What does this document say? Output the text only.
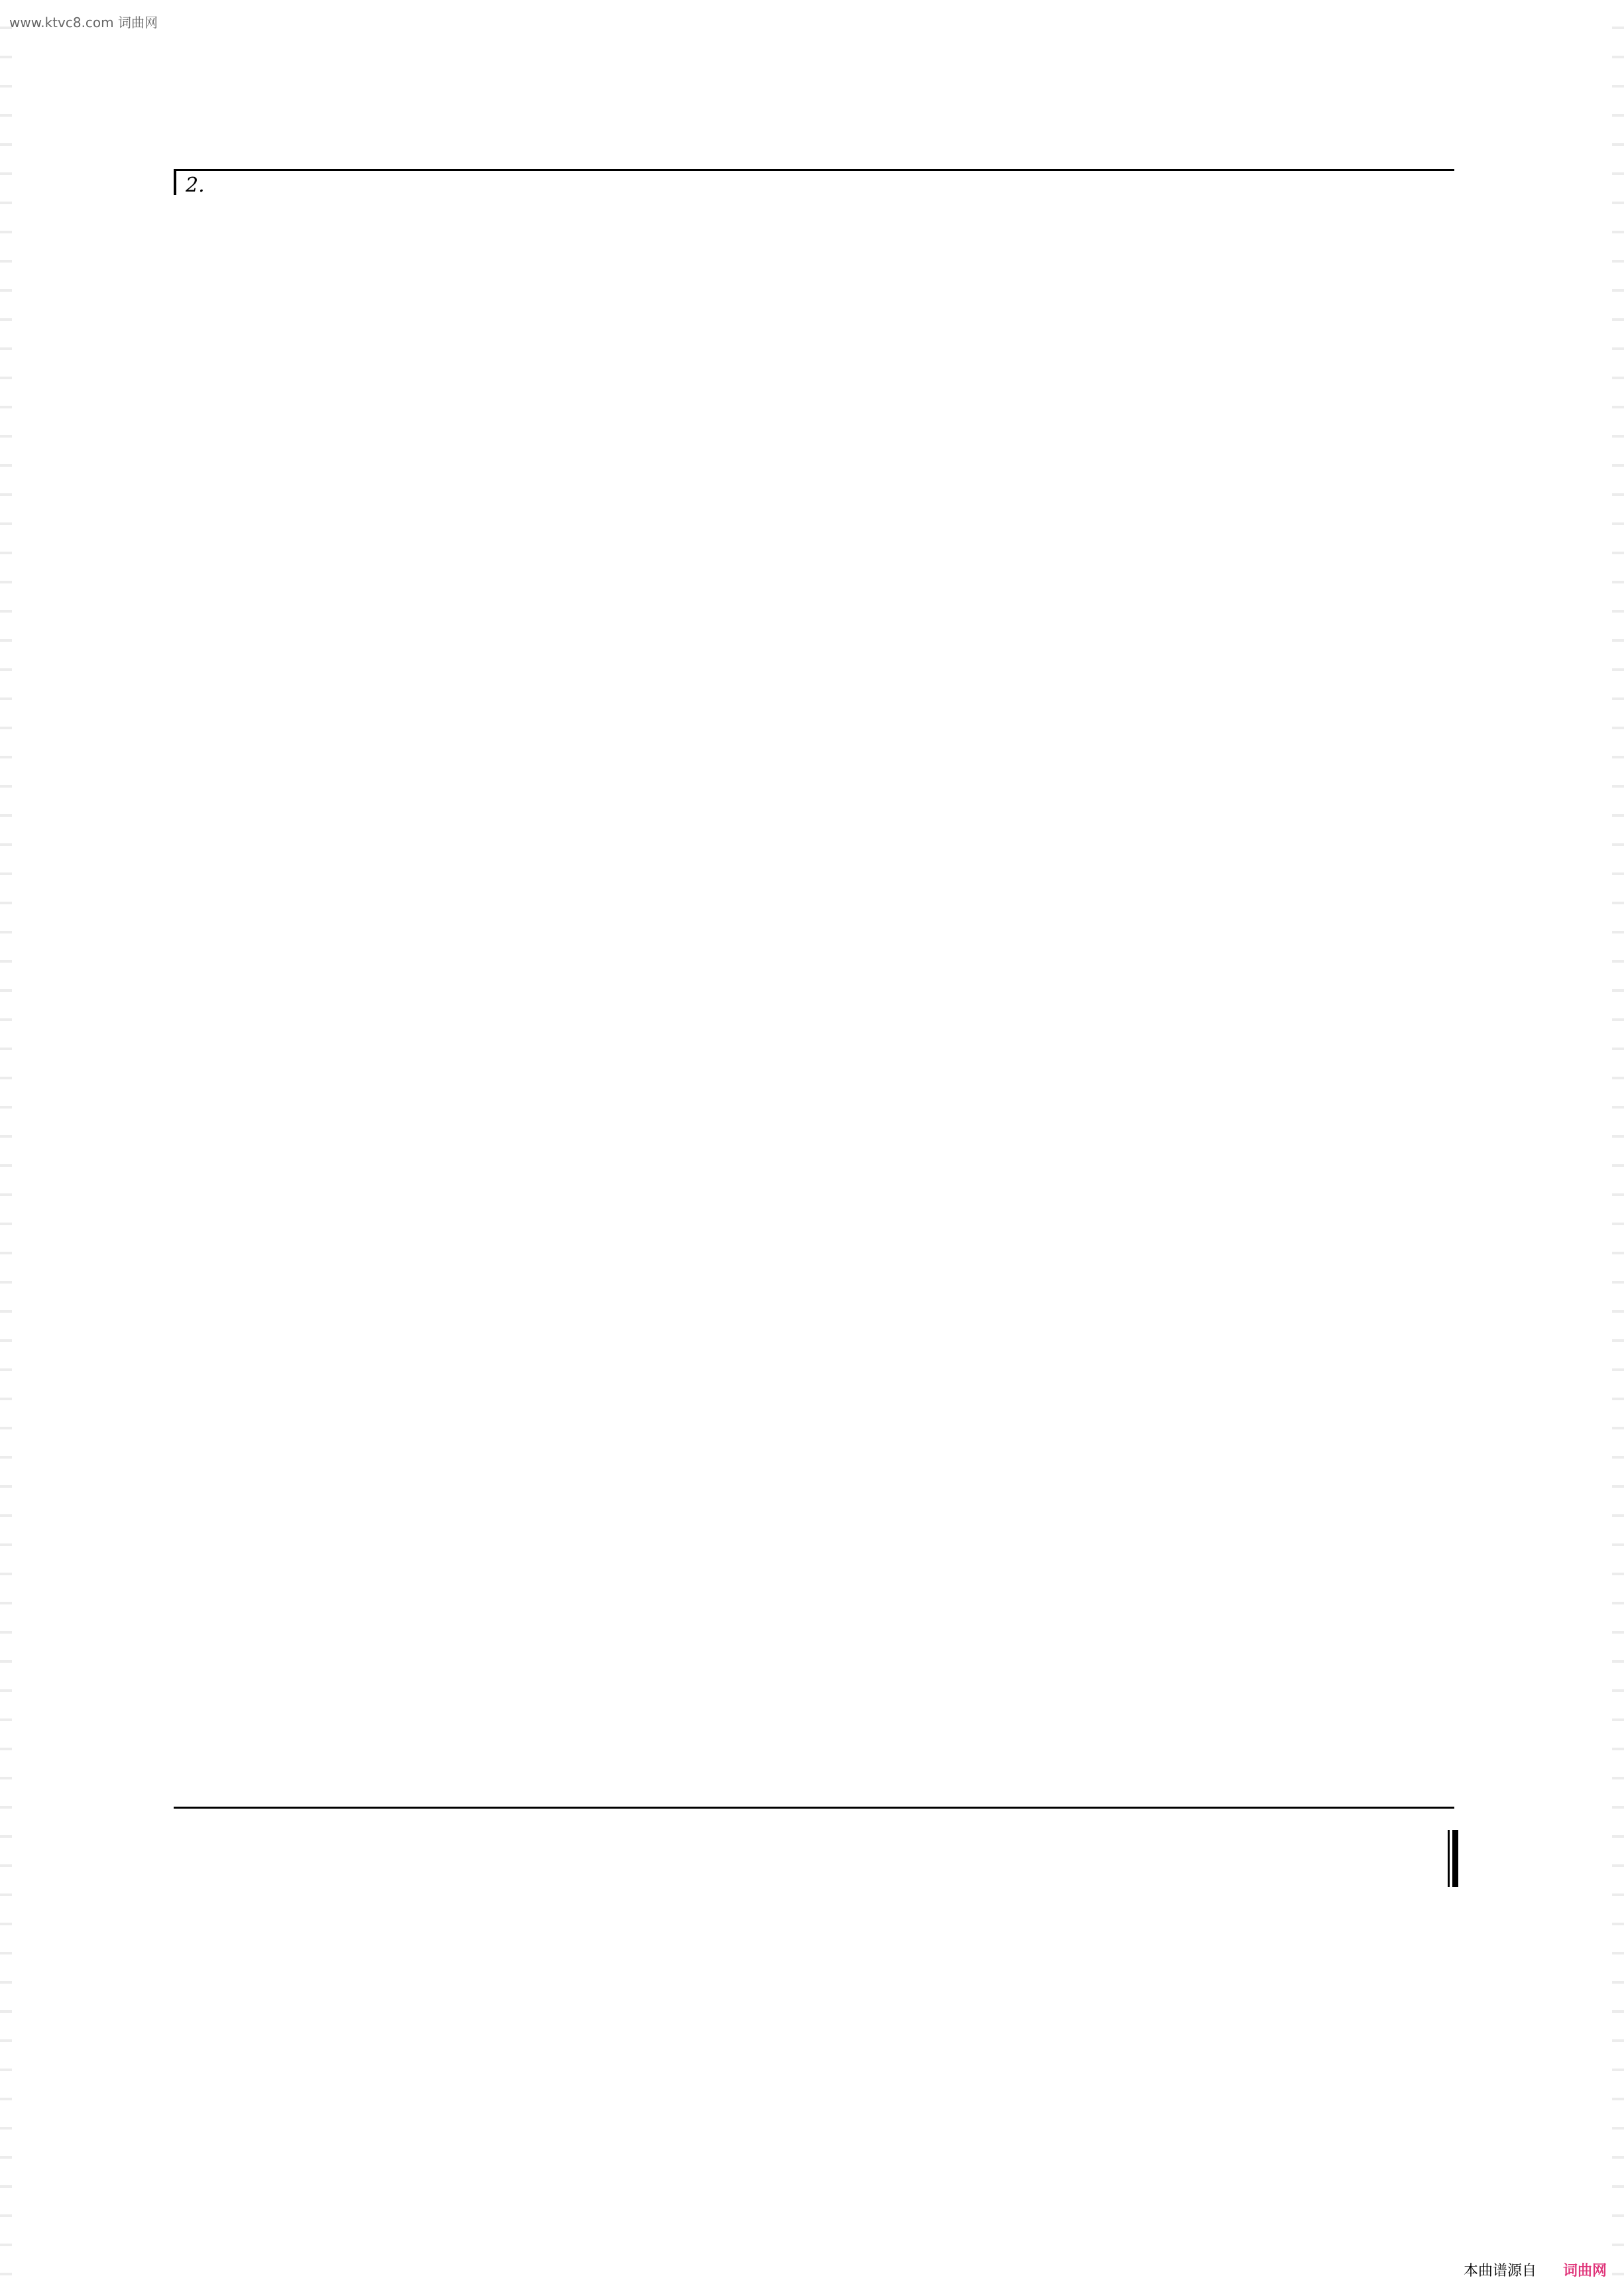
www.ktvc8.com 词曲网
2.
本曲谱源自 词曲网
